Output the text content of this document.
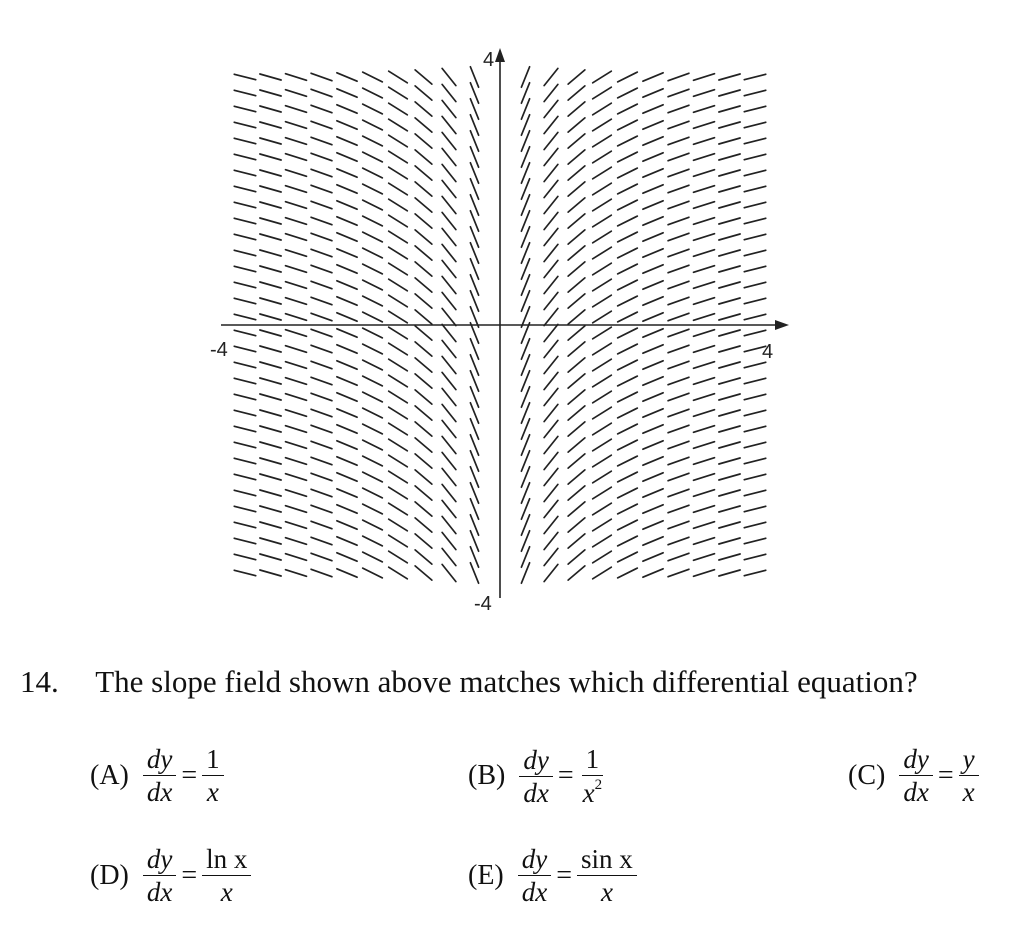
-4	4
4
-4
14. The slope field shown above matches which differential equation?
$(A) \frac{dy}{dx} = \frac{1}{x}$	$(B) \frac{dy}{dx} = \frac{1}{x^2}$	$(C) \frac{dy}{dx} = \frac{y}{x}$
$(D) \frac{dy}{dx} = \frac{\text{ln x}}{x}$	$(E) \frac{dy}{dx} = \frac{\text{sin x}}{x}$
